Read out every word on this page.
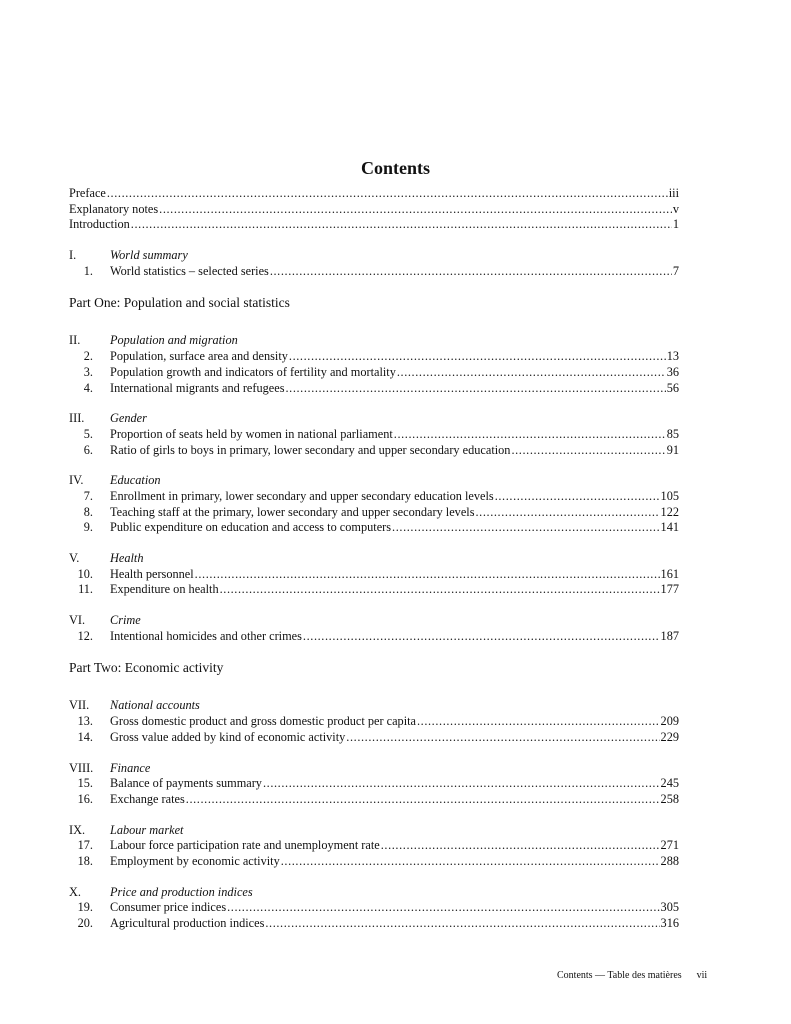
Contents
Preface .....	iii
Explanatory notes .....	v
Introduction .....	1
I.	World summary
1. World statistics – selected series .....	7
Part One: Population and social statistics
II.	Population and migration
2. Population, surface area and density .....	13
3. Population growth and indicators of fertility and mortality .....	36
4. International migrants and refugees .....	56
III.	Gender
5. Proportion of seats held by women in national parliament .....	85
6. Ratio of girls to boys in primary, lower secondary and upper secondary education .....	91
IV.	Education
7. Enrollment in primary, lower secondary and upper secondary education levels .....	105
8. Teaching staff at the primary, lower secondary and upper secondary levels .....	122
9. Public expenditure on education and access to computers .....	141
V.	Health
10. Health personnel .....	161
11. Expenditure on health .....	177
VI.	Crime
12. Intentional homicides and other crimes .....	187
Part Two: Economic activity
VII.	National accounts
13. Gross domestic product and gross domestic product per capita .....	209
14. Gross value added by kind of economic activity .....	229
VIII.	Finance
15. Balance of payments summary .....	245
16. Exchange rates .....	258
IX.	Labour market
17. Labour force participation rate and unemployment rate .....	271
18. Employment by economic activity .....	288
X.	Price and production indices
19. Consumer price indices .....	305
20. Agricultural production indices .....	316
Contents — Table des matières vii
